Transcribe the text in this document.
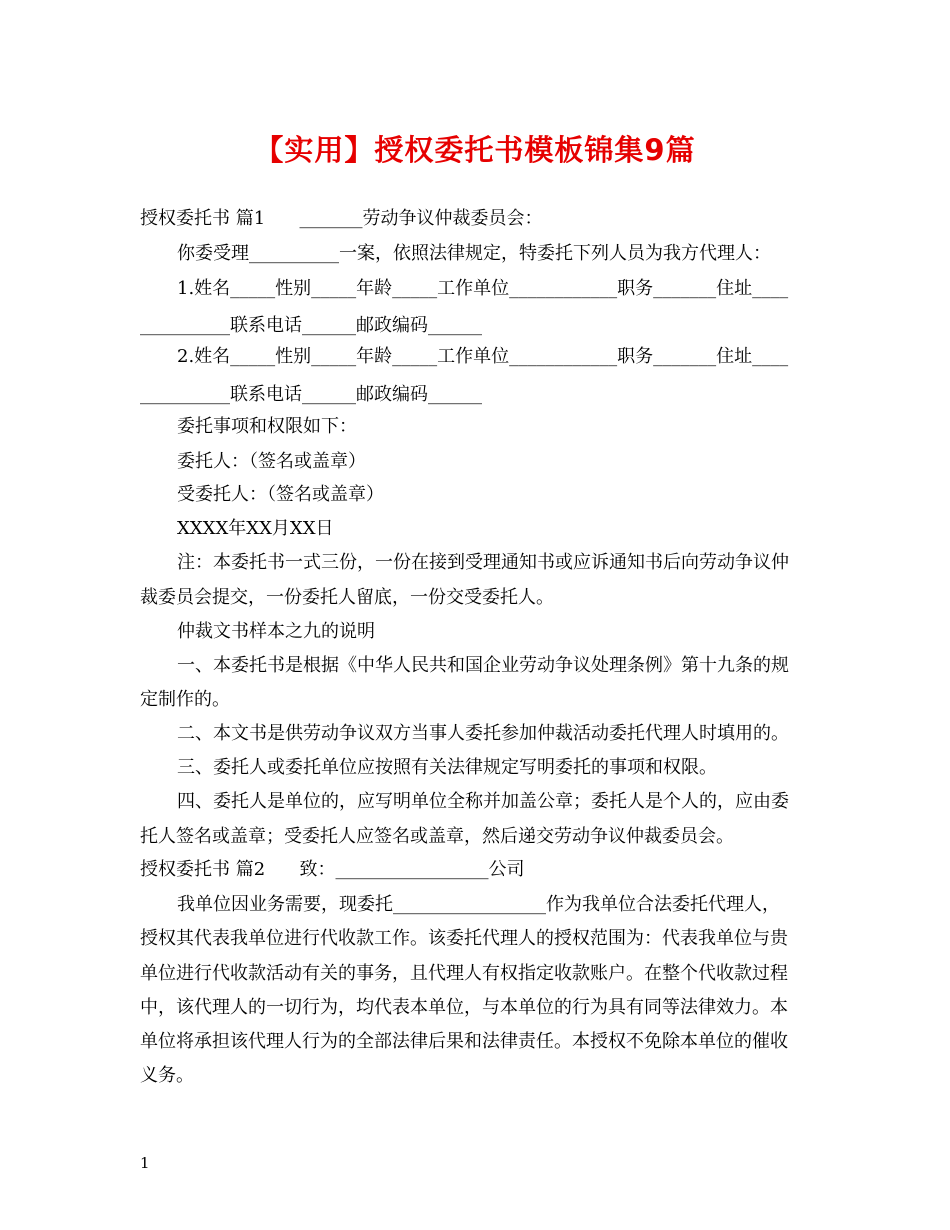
【实用】授权委托书模板锦集9篇
授权委托书 篇1      _______劳动争议仲裁委员会：
你委受理__________一案，依照法律规定，特委托下列人员为我方代理人：
1.姓名_____性别_____年龄_____工作单位____________职务_______住址____
__________联系电话______邮政编码______
2.姓名_____性别_____年龄_____工作单位____________职务_______住址____
__________联系电话______邮政编码______
委托事项和权限如下：
委托人：（签名或盖章）
受委托人：（签名或盖章）
XXXX年XX月XX日
注：本委托书一式三份，一份在接到受理通知书或应诉通知书后向劳动争议仲
裁委员会提交，一份委托人留底，一份交受委托人。
仲裁文书样本之九的说明
一、本委托书是根据《中华人民共和国企业劳动争议处理条例》第十九条的规
定制作的。
二、本文书是供劳动争议双方当事人委托参加仲裁活动委托代理人时填用的。
三、委托人或委托单位应按照有关法律规定写明委托的事项和权限。
四、委托人是单位的，应写明单位全称并加盖公章；委托人是个人的，应由委
托人签名或盖章；受委托人应签名或盖章，然后递交劳动争议仲裁委员会。
授权委托书 篇2      致：_________________公司
我单位因业务需要，现委托_________________作为我单位合法委托代理人，
授权其代表我单位进行代收款工作。该委托代理人的授权范围为：代表我单位与贵
单位进行代收款活动有关的事务，且代理人有权指定收款账户。在整个代收款过程
中，该代理人的一切行为，均代表本单位，与本单位的行为具有同等法律效力。本
单位将承担该代理人行为的全部法律后果和法律责任。本授权不免除本单位的催收
义务。
1
